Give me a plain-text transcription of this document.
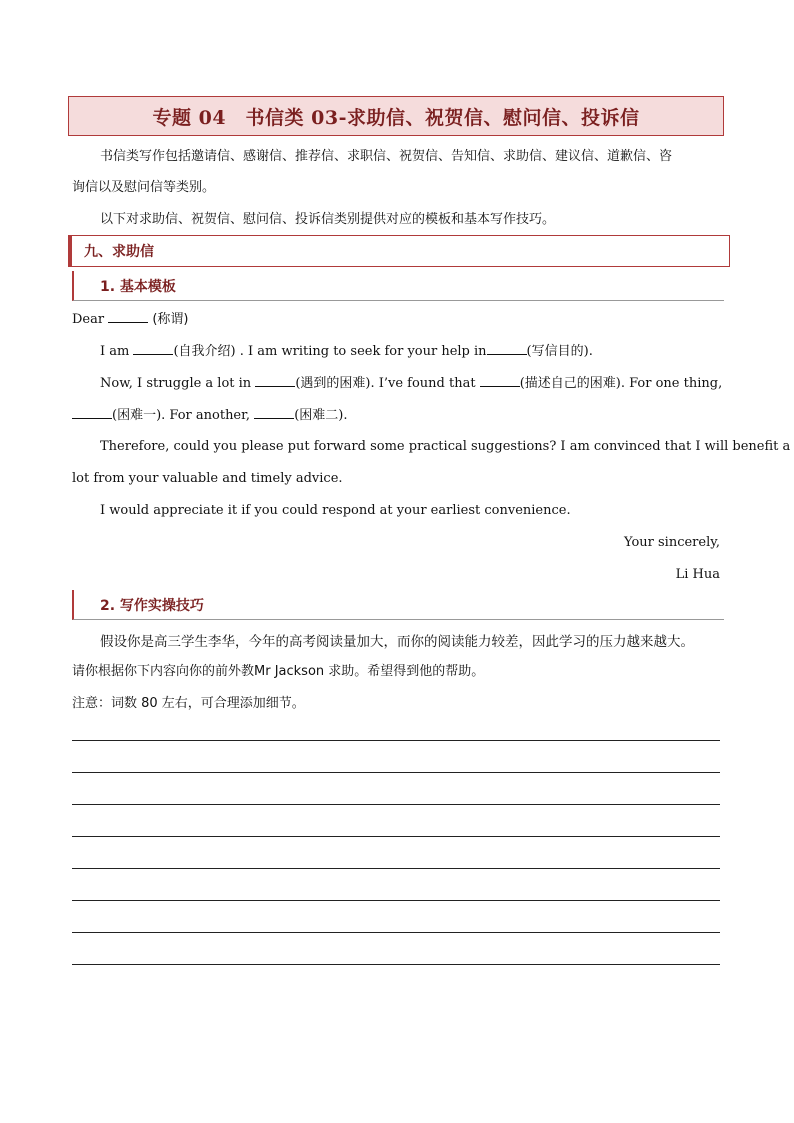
专题 04　书信类 03-求助信、祝贺信、慰问信、投诉信
书信类写作包括邀请信、感谢信、推荐信、求职信、祝贺信、告知信、求助信、建议信、道歉信、咨
询信以及慰问信等类别。
以下对求助信、祝贺信、慰问信、投诉信类别提供对应的模板和基本写作技巧。
九、求助信
1. 基本模板
Dear	(称谓)
I am	(自我介绍) . I am writing to seek for your help in	(写信目的).
Now, I struggle a lot in	(遇到的困难). I’ve found that	(描述自己的困难). For one thing,
(困难一). For another,	(困难二).
Therefore, could you please put forward some practical suggestions? I am convinced that I will benefit a
lot from your valuable and timely advice.
I would appreciate it if you could respond at your earliest convenience.
Your sincerely,
Li Hua
2. 写作实操技巧
假设你是高三学生李华，今年的高考阅读量加大，而你的阅读能力较差，因此学习的压力越来越大。
请你根据你下内容向你的前外教Mr Jackson 求助。希望得到他的帮助。
注意：词数 80 左右，可合理添加细节。
